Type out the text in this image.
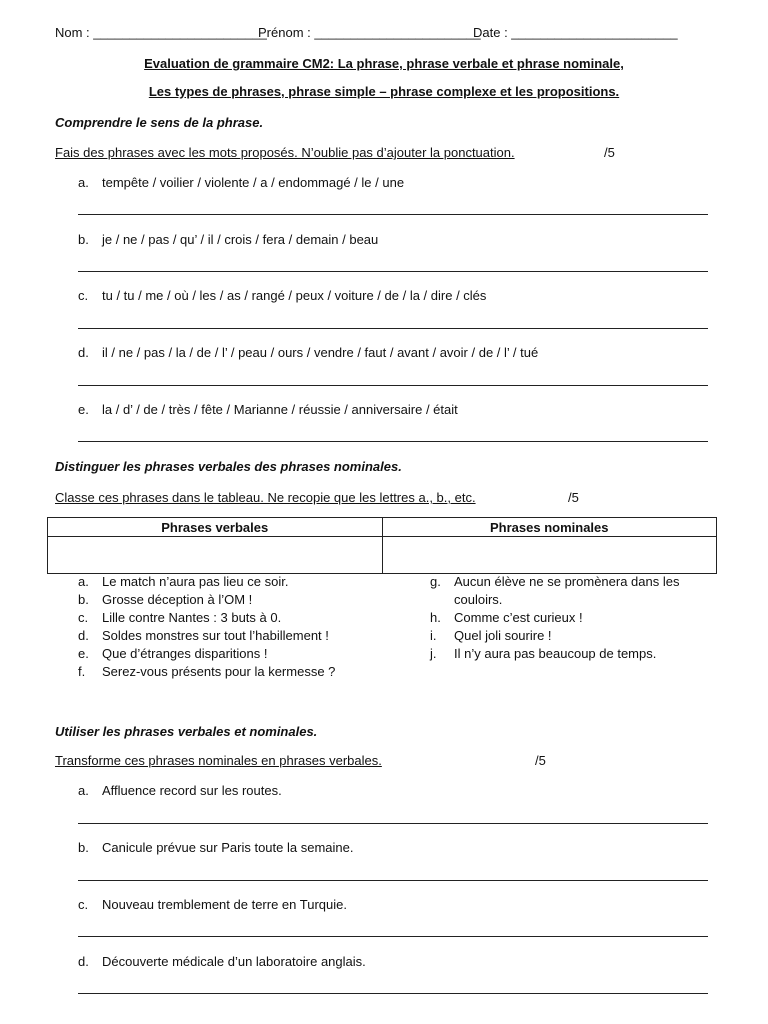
Nom : ________________________
Prénom : _______________________
Date : _______________________
Evaluation de grammaire CM2: La phrase, phrase verbale et phrase nominale,
Les types de phrases, phrase simple – phrase complexe et les propositions.
Comprendre le sens de la phrase.
Fais des phrases avec les mots proposés. N’oublie pas d’ajouter la ponctuation.	/5
a. tempête / voilier / violente / a / endommagé / le / une
b. je / ne / pas / qu’ / il / crois / fera / demain / beau
c. tu / tu / me / où / les / as / rangé / peux / voiture / de / la / dire / clés
d. il / ne / pas / la / de / l’ / peau / ours / vendre / faut / avant / avoir / de / l’ / tué
e. la / d’ / de / très / fête / Marianne / réussie / anniversaire / était
Distinguer les phrases verbales des phrases nominales.
Classe ces phrases dans le tableau. Ne recopie que les lettres a., b., etc.	/5
Phrases verbales	Phrases nominales

a. Le match n’aura pas lieu ce soir.
b. Grosse déception à l’OM !
c. Lille contre Nantes : 3 buts à 0.
d. Soldes monstres sur tout l’habillement !
e. Que d’étranges disparitions !
f. Serez-vous présents pour la kermesse ?
g. Aucun élève ne se promènera dans les
couloirs.
h. Comme c’est curieux !
i. Quel joli sourire !
j. Il n’y aura pas beaucoup de temps.
Utiliser les phrases verbales et nominales.
Transforme ces phrases nominales en phrases verbales.	/5
a. Affluence record sur les routes.
b. Canicule prévue sur Paris toute la semaine.
c. Nouveau tremblement de terre en Turquie.
d. Découverte médicale d’un laboratoire anglais.
